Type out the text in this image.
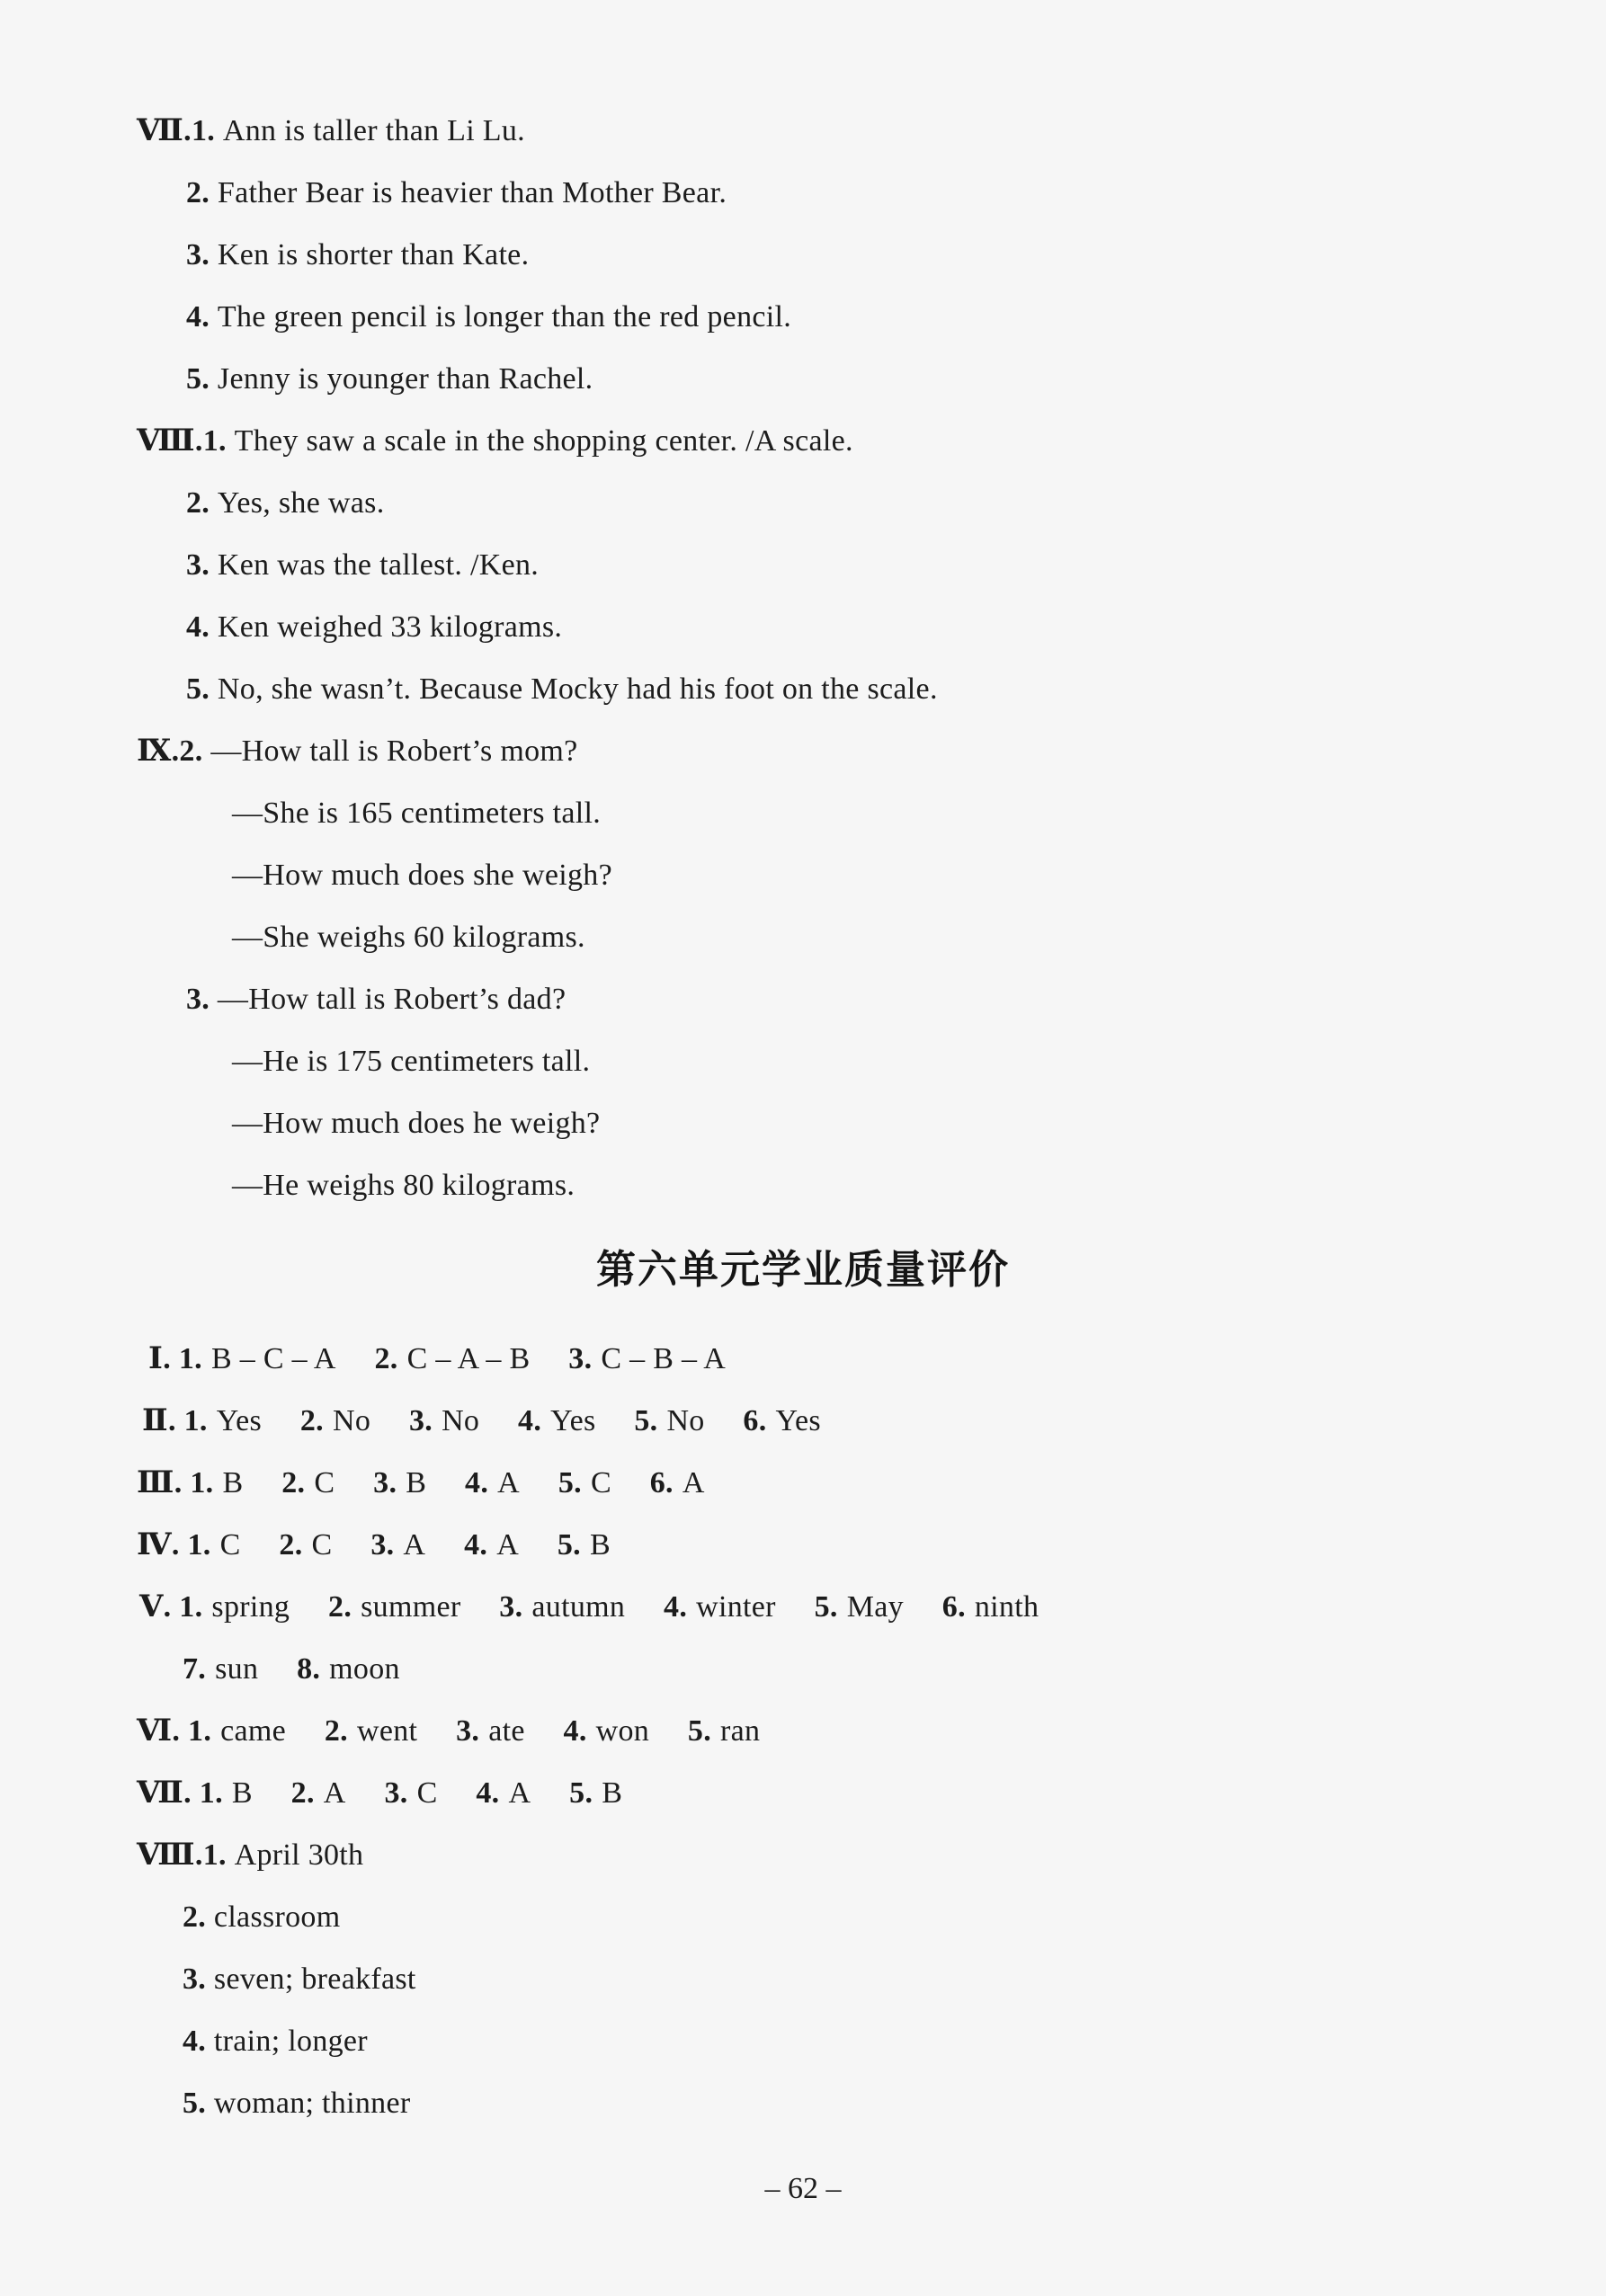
Ⅶ.1. Ann is taller than Li Lu.
2. Father Bear is heavier than Mother Bear.
3. Ken is shorter than Kate.
4. The green pencil is longer than the red pencil.
5. Jenny is younger than Rachel.
Ⅷ.1. They saw a scale in the shopping center. /A scale.
2. Yes, she was.
3. Ken was the tallest. /Ken.
4. Ken weighed 33 kilograms.
5. No, she wasn’t. Because Mocky had his foot on the scale.
Ⅸ.2. —How tall is Robert’s mom?
—She is 165 centimeters tall.
—How much does she weigh?
—She weighs 60 kilograms.
3. —How tall is Robert’s dad?
—He is 175 centimeters tall.
—How much does he weigh?
—He weighs 80 kilograms.
第六单元学业质量评价
Ⅰ. 1. B – C – A 2. C – A – B 3. C – B – A
Ⅱ. 1. Yes 2. No 3. No 4. Yes 5. No 6. Yes
Ⅲ. 1. B 2. C 3. B 4. A 5. C 6. A
Ⅳ. 1. C 2. C 3. A 4. A 5. B
Ⅴ. 1. spring 2. summer 3. autumn 4. winter 5. May 6. ninth
7. sun 8. moon
Ⅵ. 1. came 2. went 3. ate 4. won 5. ran
Ⅶ. 1. B 2. A 3. C 4. A 5. B
Ⅷ.1. April 30th
2. classroom
3. seven; breakfast
4. train; longer
5. woman; thinner
– 62 –
